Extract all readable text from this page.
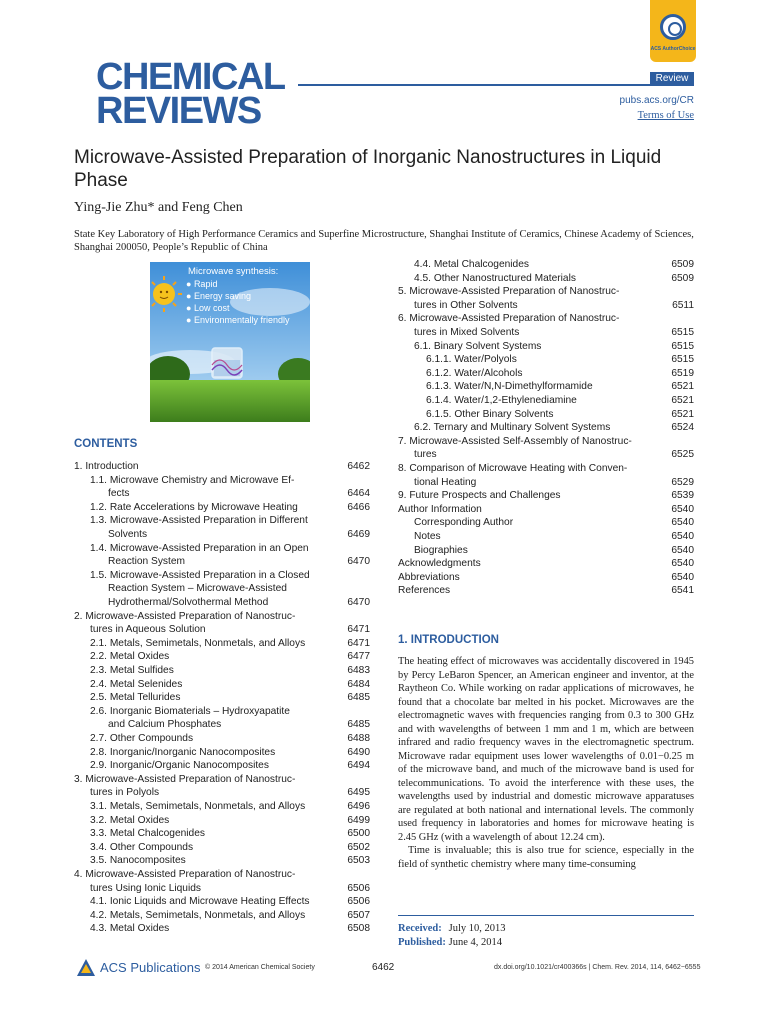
CHEMICAL
REVIEWS
ACS AuthorChoice
Review
pubs.acs.org/CR
Terms of Use
Microwave-Assisted Preparation of Inorganic Nanostructures in Liquid Phase
Ying-Jie Zhu* and Feng Chen
State Key Laboratory of High Performance Ceramics and Superfine Microstructure, Shanghai Institute of Ceramics, Chinese Academy of Sciences, Shanghai 200050, People’s Republic of China
Microwave synthesis:
● Rapid
● Energy saving
● Low cost
● Environmentally friendly
CONTENTS
1. Introduction	6462
1.1. Microwave Chemistry and Microwave Ef-
fects	6464
1.2. Rate Accelerations by Microwave Heating	6466
1.3. Microwave-Assisted Preparation in Different
Solvents	6469
1.4. Microwave-Assisted Preparation in an Open
Reaction System	6470
1.5. Microwave-Assisted Preparation in a Closed
Reaction System – Microwave-Assisted
Hydrothermal/Solvothermal Method	6470
2. Microwave-Assisted Preparation of Nanostruc-
tures in Aqueous Solution	6471
2.1. Metals, Semimetals, Nonmetals, and Alloys	6471
2.2. Metal Oxides	6477
2.3. Metal Sulfides	6483
2.4. Metal Selenides	6484
2.5. Metal Tellurides	6485
2.6. Inorganic Biomaterials – Hydroxyapatite
and Calcium Phosphates	6485
2.7. Other Compounds	6488
2.8. Inorganic/Inorganic Nanocomposites	6490
2.9. Inorganic/Organic Nanocomposites	6494
3. Microwave-Assisted Preparation of Nanostruc-
tures in Polyols	6495
3.1. Metals, Semimetals, Nonmetals, and Alloys	6496
3.2. Metal Oxides	6499
3.3. Metal Chalcogenides	6500
3.4. Other Compounds	6502
3.5. Nanocomposites	6503
4. Microwave-Assisted Preparation of Nanostruc-
tures Using Ionic Liquids	6506
4.1. Ionic Liquids and Microwave Heating Effects	6506
4.2. Metals, Semimetals, Nonmetals, and Alloys	6507
4.3. Metal Oxides	6508
4.4. Metal Chalcogenides	6509
4.5. Other Nanostructured Materials	6509
5. Microwave-Assisted Preparation of Nanostruc-
tures in Other Solvents	6511
6. Microwave-Assisted Preparation of Nanostruc-
tures in Mixed Solvents	6515
6.1. Binary Solvent Systems	6515
6.1.1. Water/Polyols	6515
6.1.2. Water/Alcohols	6519
6.1.3. Water/N,N-Dimethylformamide	6521
6.1.4. Water/1,2-Ethylenediamine	6521
6.1.5. Other Binary Solvents	6521
6.2. Ternary and Multinary Solvent Systems	6524
7. Microwave-Assisted Self-Assembly of Nanostruc-
tures	6525
8. Comparison of Microwave Heating with Conven-
tional Heating	6529
9. Future Prospects and Challenges	6539
Author Information	6540
Corresponding Author	6540
Notes	6540
Biographies	6540
Acknowledgments	6540
Abbreviations	6540
References	6541
1. INTRODUCTION

The heating effect of microwaves was accidentally discovered in 1945 by Percy LeBaron Spencer, an American engineer and inventor, at the Raytheon Co. While working on radar applications of microwaves, he found that a chocolate bar melted in his pocket. Microwaves are the electromagnetic waves with frequencies ranging from 0.3 to 300 GHz and with wavelengths of between 1 mm and 1 m, which are between infrared and radio frequency waves in the electromagnetic spectrum. Microwave radar equipment uses lower wavelengths of 0.01−0.25 m of the microwave band, and much of the microwave band is used for telecommunications. To avoid the interference with these uses, the wavelengths used by industrial and domestic microwave apparatuses are regulated at both national and international levels. The commonly used frequency in laboratories and homes for microwave heating is 2.45 GHz (with a wavelength of about 12.24 cm).

Time is invaluable; this is also true for science, especially in the field of synthetic chemistry where many time-consuming

Received: July 10, 2013
Published: June 4, 2014
ACS Publications © 2014 American Chemical Society	6462	dx.doi.org/10.1021/cr400366s | Chem. Rev. 2014, 114, 6462−6555
